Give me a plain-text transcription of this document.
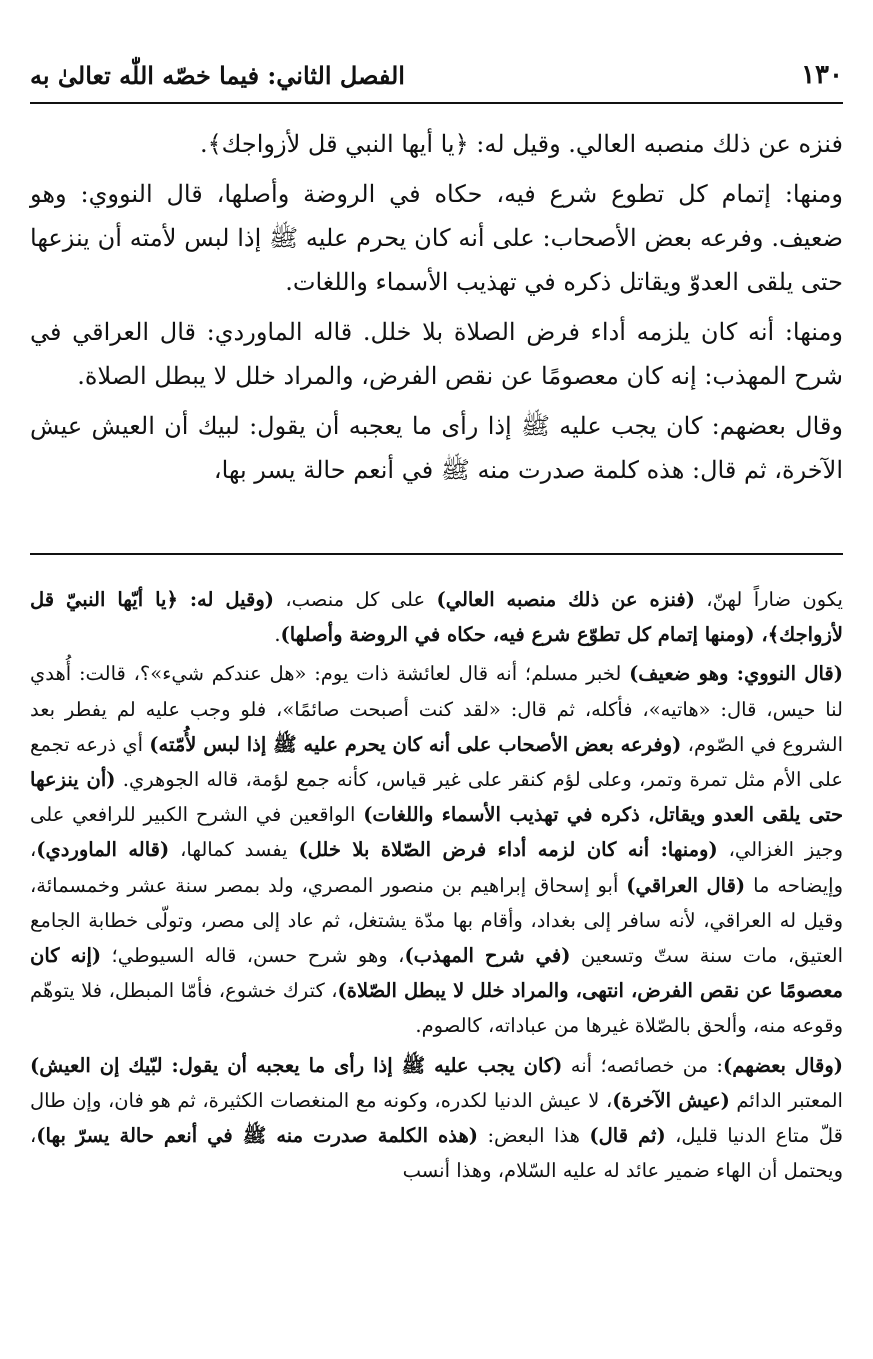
١٣٠
الفصل الثاني: فيما خصّه اللّٰه تعالىٰ به

فنزه عن ذلك منصبه العالي. وقيل له: ﴿يا أيها النبي قل لأزواجك﴾.

ومنها: إتمام كل تطوع شرع فيه، حكاه في الروضة وأصلها، قال النووي: وهو ضعيف. وفرعه بعض الأصحاب: على أنه كان يحرم عليه ﷺ إذا لبس لأمته أن ينزعها حتى يلقى العدوّ ويقاتل ذكره في تهذيب الأسماء واللغات.

ومنها: أنه كان يلزمه أداء فرض الصلاة بلا خلل. قاله الماوردي: قال العراقي في شرح المهذب: إنه كان معصومًا عن نقص الفرض، والمراد خلل لا يبطل الصلاة.

وقال بعضهم: كان يجب عليه ﷺ إذا رأى ما يعجبه أن يقول: لبيك أن العيش عيش الآخرة، ثم قال: هذه كلمة صدرت منه ﷺ في أنعم حالة يسر بها،

يكون ضاراً لهنّ، (فنزه عن ذلك منصبه العالي) على كل منصب، (وقيل له: ﴿يا أيّها النبيّ قل لأزواجك﴾، (ومنها إتمام كل تطوّع شرع فيه، حكاه في الروضة وأصلها).

(قال النووي: وهو ضعيف) لخبر مسلم؛ أنه قال لعائشة ذات يوم: «هل عندكم شيء»؟، قالت: أُهدي لنا حيس، قال: «هاتيه»، فأكله، ثم قال: «لقد كنت أصبحت صائمًا»، فلو وجب عليه لم يفطر بعد الشروع في الصّوم، (وفرعه بعض الأصحاب على أنه كان يحرم عليه ﷺ إذا لبس لأُمّته) أي ذرعه تجمع على الأم مثل تمرة وتمر، وعلى لؤم كنقر على غير قياس، كأنه جمع لؤمة، قاله الجوهري. (أن ينزعها حتى يلقى العدو ويقاتل، ذكره في تهذيب الأسماء واللغات) الواقعين في الشرح الكبير للرافعي على وجيز الغزالي، (ومنها: أنه كان لزمه أداء فرض الصّلاة بلا خلل) يفسد كمالها، (قاله الماوردي)، وإيضاحه ما (قال العراقي) أبو إسحاق إبراهيم بن منصور المصري، ولد بمصر سنة عشر وخمسمائة، وقيل له العراقي، لأنه سافر إلى بغداد، وأقام بها مدّة يشتغل، ثم عاد إلى مصر، وتولّى خطابة الجامع العتيق، مات سنة ستّ وتسعين (في شرح المهذب)، وهو شرح حسن، قاله السيوطي؛ (إنه كان معصومًا عن نقص الفرض، انتهى، والمراد خلل لا يبطل الصّلاة)، كترك خشوع، فأمّا المبطل، فلا يتوهّم وقوعه منه، وألحق بالصّلاة غيرها من عباداته، كالصوم.

(وقال بعضهم): من خصائصه؛ أنه (كان يجب عليه ﷺ إذا رأى ما يعجبه أن يقول: لبّيك إن العيش) المعتبر الدائم (عيش الآخرة)، لا عيش الدنيا لكدره، وكونه مع المنغصات الكثيرة، ثم هو فان، وإن طال قلّ متاع الدنيا قليل، (ثم قال) هذا البعض: (هذه الكلمة صدرت منه ﷺ في أنعم حالة يسرّ بها)، ويحتمل أن الهاء ضمير عائد له عليه السّلام، وهذا أنسب
